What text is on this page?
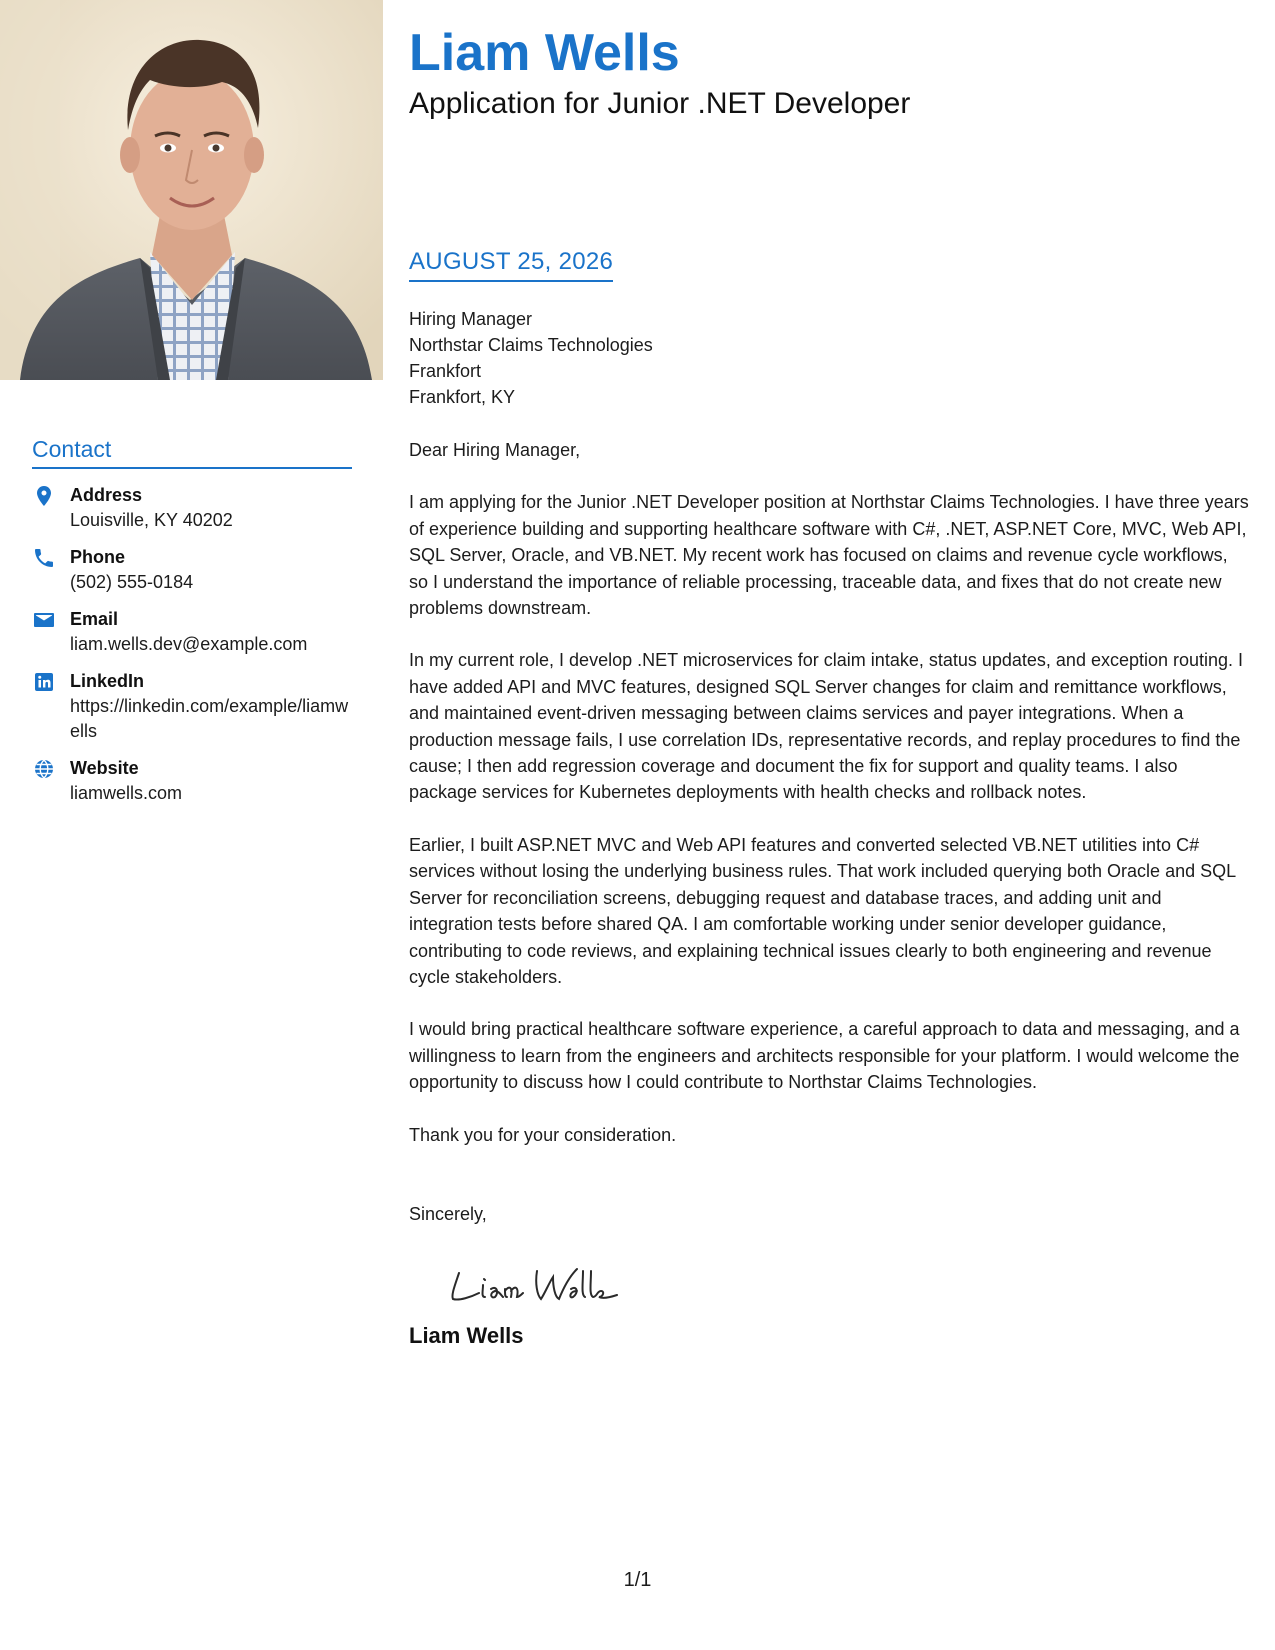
Contact
Address
Louisville, KY 40202
Phone
(502) 555-0184
Email
liam.wells.dev@example.com
LinkedIn
https://linkedin.com/example/liamwells
Website
liamwells.com
Liam Wells
Application for Junior .NET Developer
AUGUST 25, 2026
Hiring Manager
Northstar Claims Technologies
Frankfort
Frankfort, KY
Dear Hiring Manager,
I am applying for the Junior .NET Developer position at Northstar Claims Technologies. I have three years of experience building and supporting healthcare software with C#, .NET, ASP.NET Core, MVC, Web API, SQL Server, Oracle, and VB.NET. My recent work has focused on claims and revenue cycle workflows, so I understand the importance of reliable processing, traceable data, and fixes that do not create new problems downstream.
In my current role, I develop .NET microservices for claim intake, status updates, and exception routing. I have added API and MVC features, designed SQL Server changes for claim and remittance workflows, and maintained event-driven messaging between claims services and payer integrations. When a production message fails, I use correlation IDs, representative records, and replay procedures to find the cause; I then add regression coverage and document the fix for support and quality teams. I also package services for Kubernetes deployments with health checks and rollback notes.
Earlier, I built ASP.NET MVC and Web API features and converted selected VB.NET utilities into C# services without losing the underlying business rules. That work included querying both Oracle and SQL Server for reconciliation screens, debugging request and database traces, and adding unit and integration tests before shared QA. I am comfortable working under senior developer guidance, contributing to code reviews, and explaining technical issues clearly to both engineering and revenue cycle stakeholders.
I would bring practical healthcare software experience, a careful approach to data and messaging, and a willingness to learn from the engineers and architects responsible for your platform. I would welcome the opportunity to discuss how I could contribute to Northstar Claims Technologies.
Thank you for your consideration.
Sincerely,
Liam Wells
1/1
